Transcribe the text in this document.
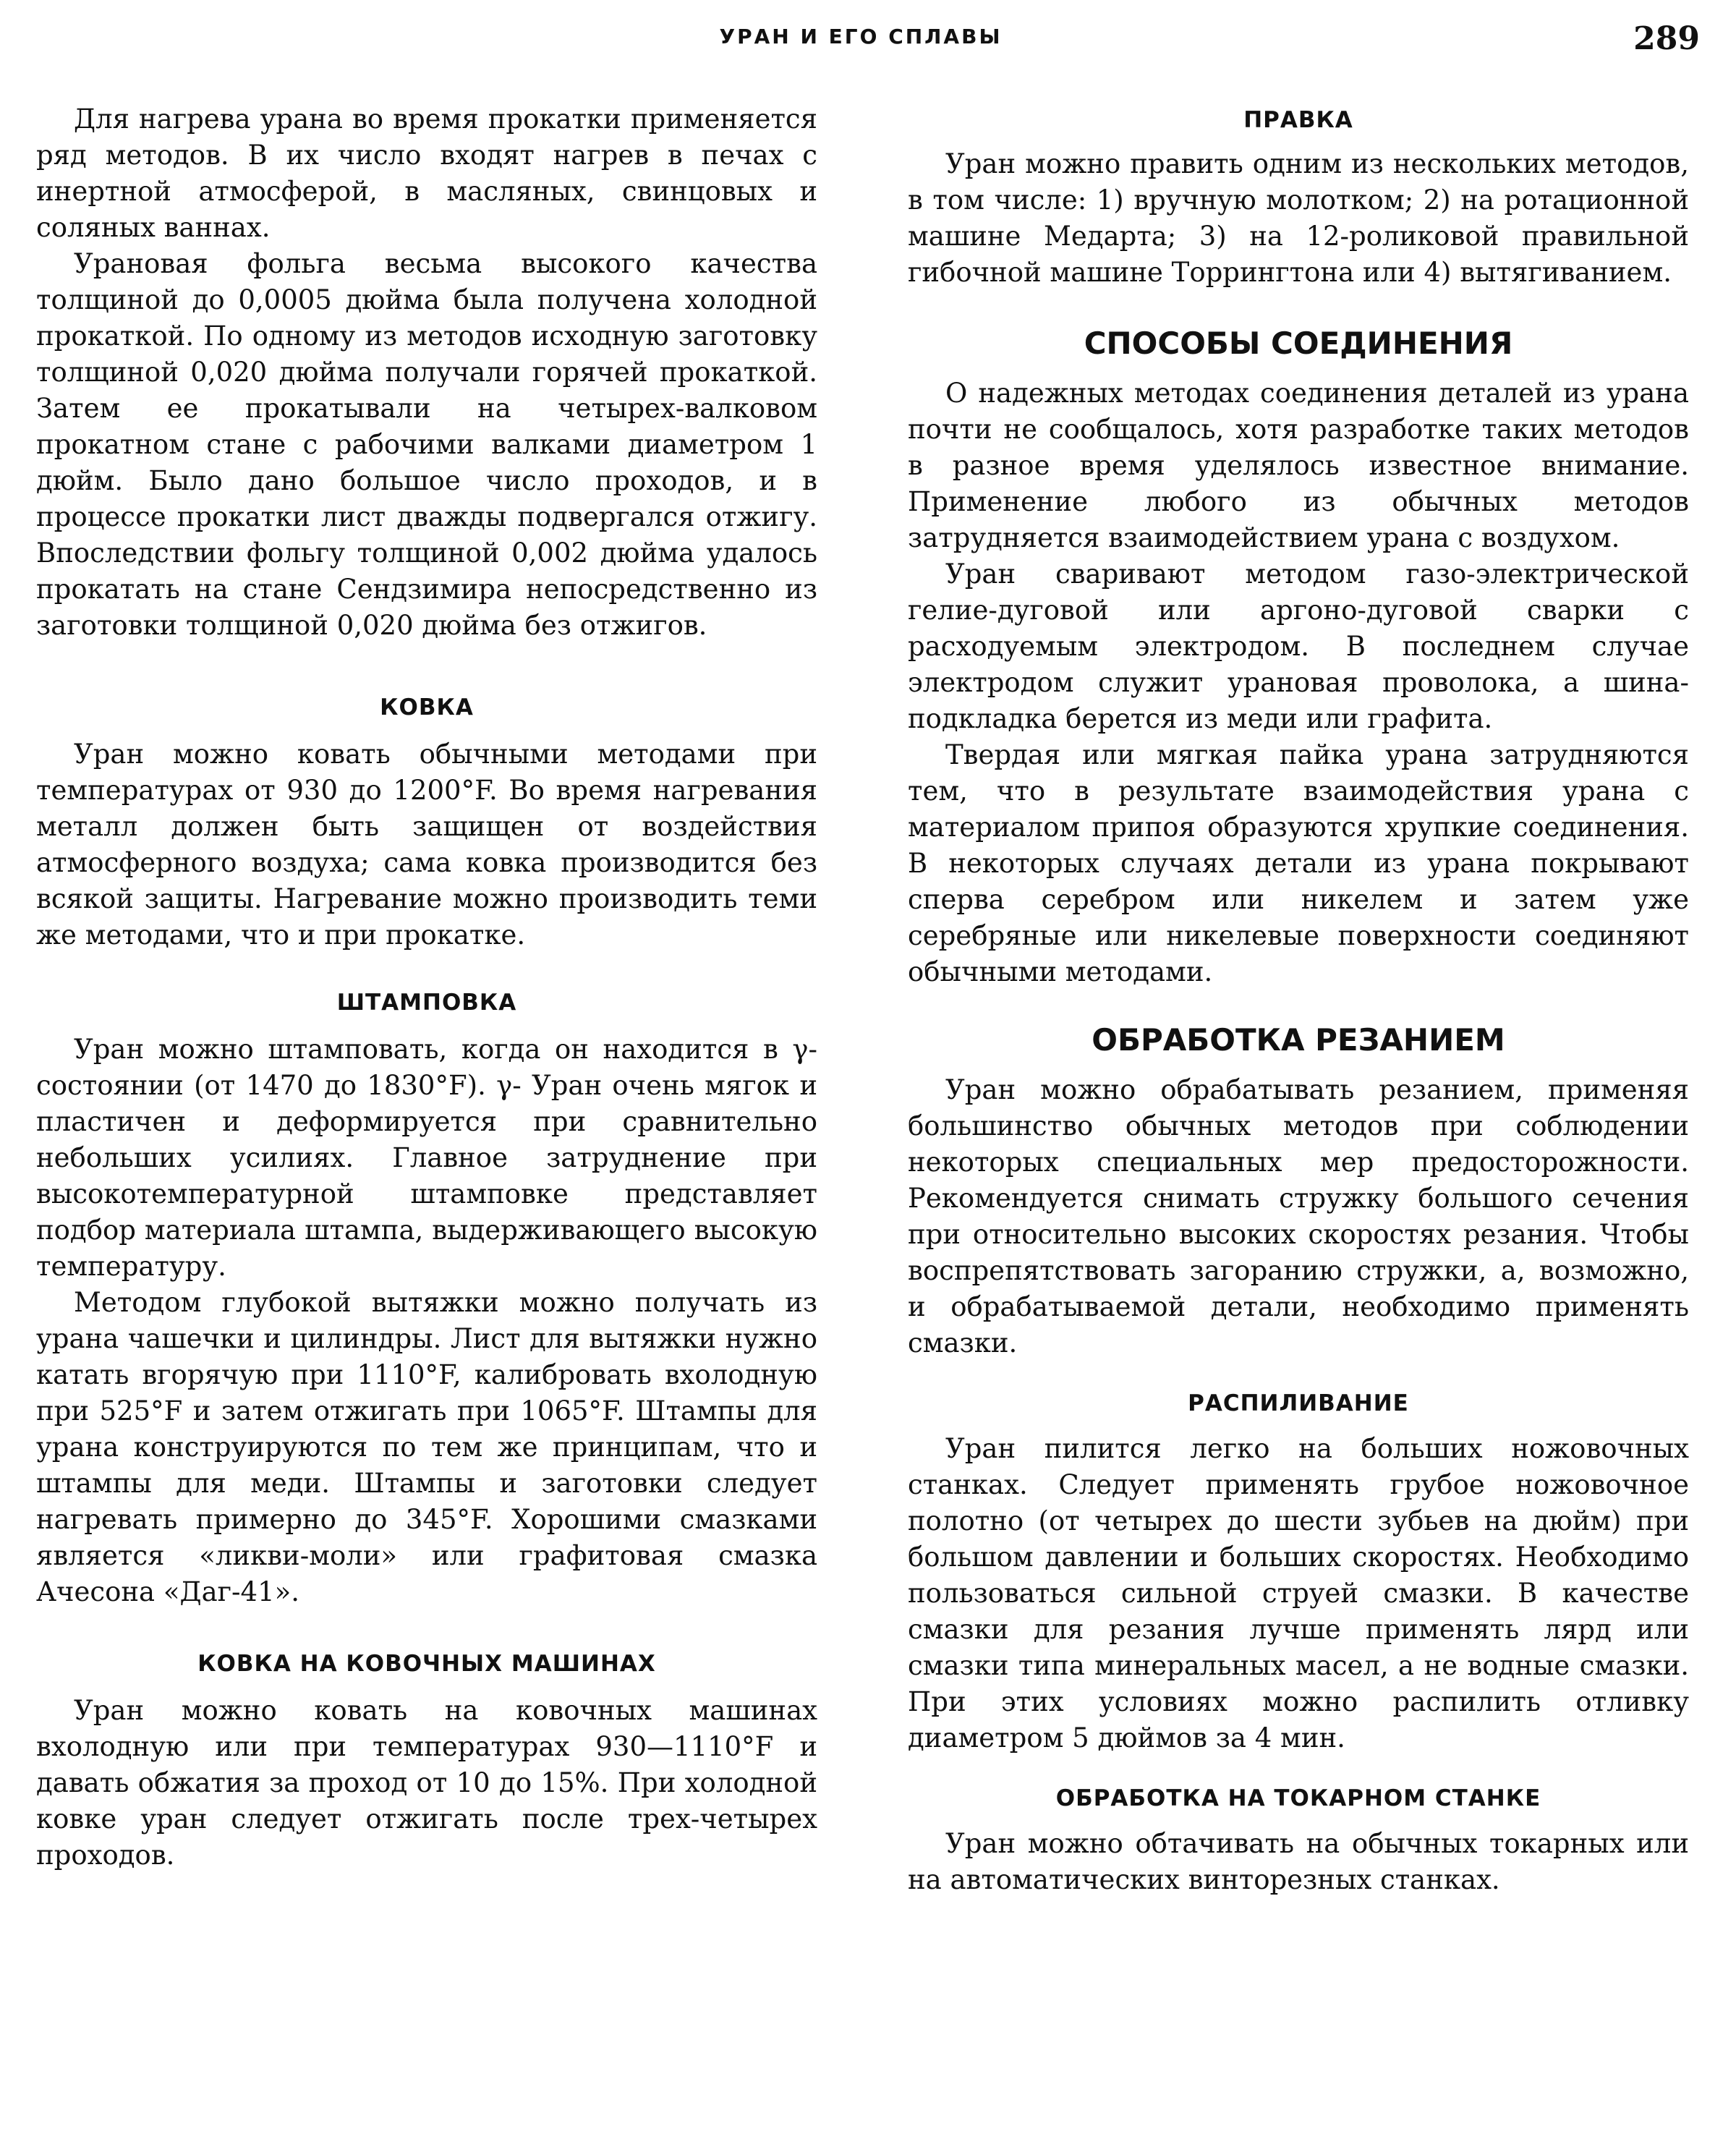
УРАН И ЕГО СПЛАВЫ	289

Для нагрева урана во время прокатки применяется ряд методов. В их число входят нагрев в печах с инертной атмосферой, в масляных, свинцовых и соляных ваннах.

Урановая фольга весьма высокого качества толщиной до 0,0005 дюйма была получена холодной прокаткой. По одному из методов исходную заготовку толщиной 0,020 дюйма получали горячей прокаткой. Затем ее прокатывали на четырех-валковом прокатном стане с рабочими валками диаметром 1 дюйм. Было дано большое число проходов, и в процессе прокатки лист дважды подвергался отжигу. Впоследствии фольгу толщиной 0,002 дюйма удалось прокатать на стане Сендзимира непосредственно из заготовки толщиной 0,020 дюйма без отжигов.

КОВКА

Уран можно ковать обычными методами при температурах от 930 до 1200°F. Во время нагревания металл должен быть защищен от воздействия атмосферного воздуха; сама ковка производится без всякой защиты. Нагревание можно производить теми же методами, что и при прокатке.

ШТАМПОВКА

Уран можно штамповать, когда он находится в γ-состоянии (от 1470 до 1830°F). γ- Уран очень мягок и пластичен и деформируется при сравнительно небольших усилиях. Главное затруднение при высокотемпературной штамповке представляет подбор материала штампа, выдерживающего высокую температуру.

Методом глубокой вытяжки можно получать из урана чашечки и цилиндры. Лист для вытяжки нужно катать вгорячую при 1110°F, калибровать вхолодную при 525°F и затем отжигать при 1065°F. Штампы для урана конструируются по тем же принципам, что и штампы для меди. Штампы и заготовки следует нагревать примерно до 345°F. Хорошими смазками является «ликви-моли» или графитовая смазка Ачесона «Даг-41».

КОВКА НА КОВОЧНЫХ МАШИНАХ

Уран можно ковать на ковочных машинах вхолодную или при температурах 930—1110°F и давать обжатия за проход от 10 до 15%. При холодной ковке уран следует отжигать после трех-четырех проходов.

ПРАВКА

Уран можно править одним из нескольких методов, в том числе: 1) вручную молотком; 2) на ротационной машине Медарта; 3) на 12-роликовой правильной гибочной машине Торрингтона или 4) вытягиванием.

СПОСОБЫ СОЕДИНЕНИЯ

О надежных методах соединения деталей из урана почти не сообщалось, хотя разработке таких методов в разное время уделялось известное внимание. Применение любого из обычных методов затрудняется взаимодействием урана с воздухом.

Уран сваривают методом газо-электрической гелие-дуговой или аргоно-дуговой сварки с расходуемым электродом. В последнем случае электродом служит урановая проволока, а шина-подкладка берется из меди или графита.

Твердая или мягкая пайка урана затрудняются тем, что в результате взаимодействия урана с материалом припоя образуются хрупкие соединения. В некоторых случаях детали из урана покрывают сперва серебром или никелем и затем уже серебряные или никелевые поверхности соединяют обычными методами.

ОБРАБОТКА РЕЗАНИЕМ

Уран можно обрабатывать резанием, применяя большинство обычных методов при соблюдении некоторых специальных мер предосторожности. Рекомендуется снимать стружку большого сечения при относительно высоких скоростях резания. Чтобы воспрепятствовать загоранию стружки, а, возможно, и обрабатываемой детали, необходимо применять смазки.

РАСПИЛИВАНИЕ

Уран пилится легко на больших ножовочных станках. Следует применять грубое ножовочное полотно (от четырех до шести зубьев на дюйм) при большом давлении и больших скоростях. Необходимо пользоваться сильной струей смазки. В качестве смазки для резания лучше применять лярд или смазки типа минеральных масел, а не водные смазки. При этих условиях можно распилить отливку диаметром 5 дюймов за 4 мин.

ОБРАБОТКА НА ТОКАРНОМ СТАНКЕ

Уран можно обтачивать на обычных токарных или на автоматических винторезных станках.
